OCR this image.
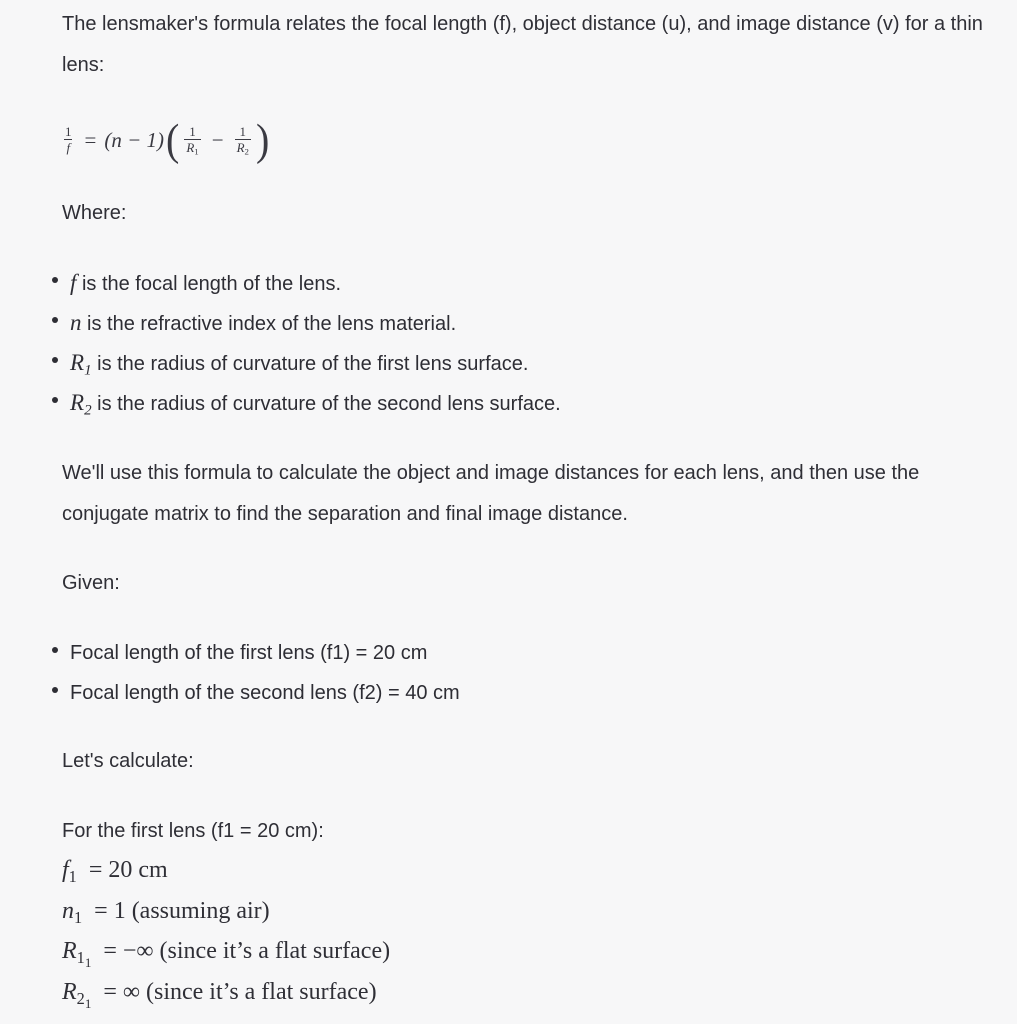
The lensmaker's formula relates the focal length (f), object distance (u), and image distance (v) for a thin lens:

$\frac{1}{f} = (n - 1)$ ( $\frac{1}{R_1} - \frac{1}{R_2}$ )

Where:

f is the focal length of the lens.
n is the refractive index of the lens material.
$R_1$ is the radius of curvature of the first lens surface.
$R_2$ is the radius of curvature of the second lens surface.

We'll use this formula to calculate the object and image distances for each lens, and then use the conjugate matrix to find the separation and final image distance.

Given:

Focal length of the first lens (f1) = 20 cm
Focal length of the second lens (f2) = 40 cm

Let's calculate:

For the first lens (f1 = 20 cm):

$f_1 = 20$ cm
$n_1 = 1$ (assuming air)
$R_{1_1}$ = −∞ (since it’s a flat surface)
$R_{2_1}$ = ∞ (since it’s a flat surface)
